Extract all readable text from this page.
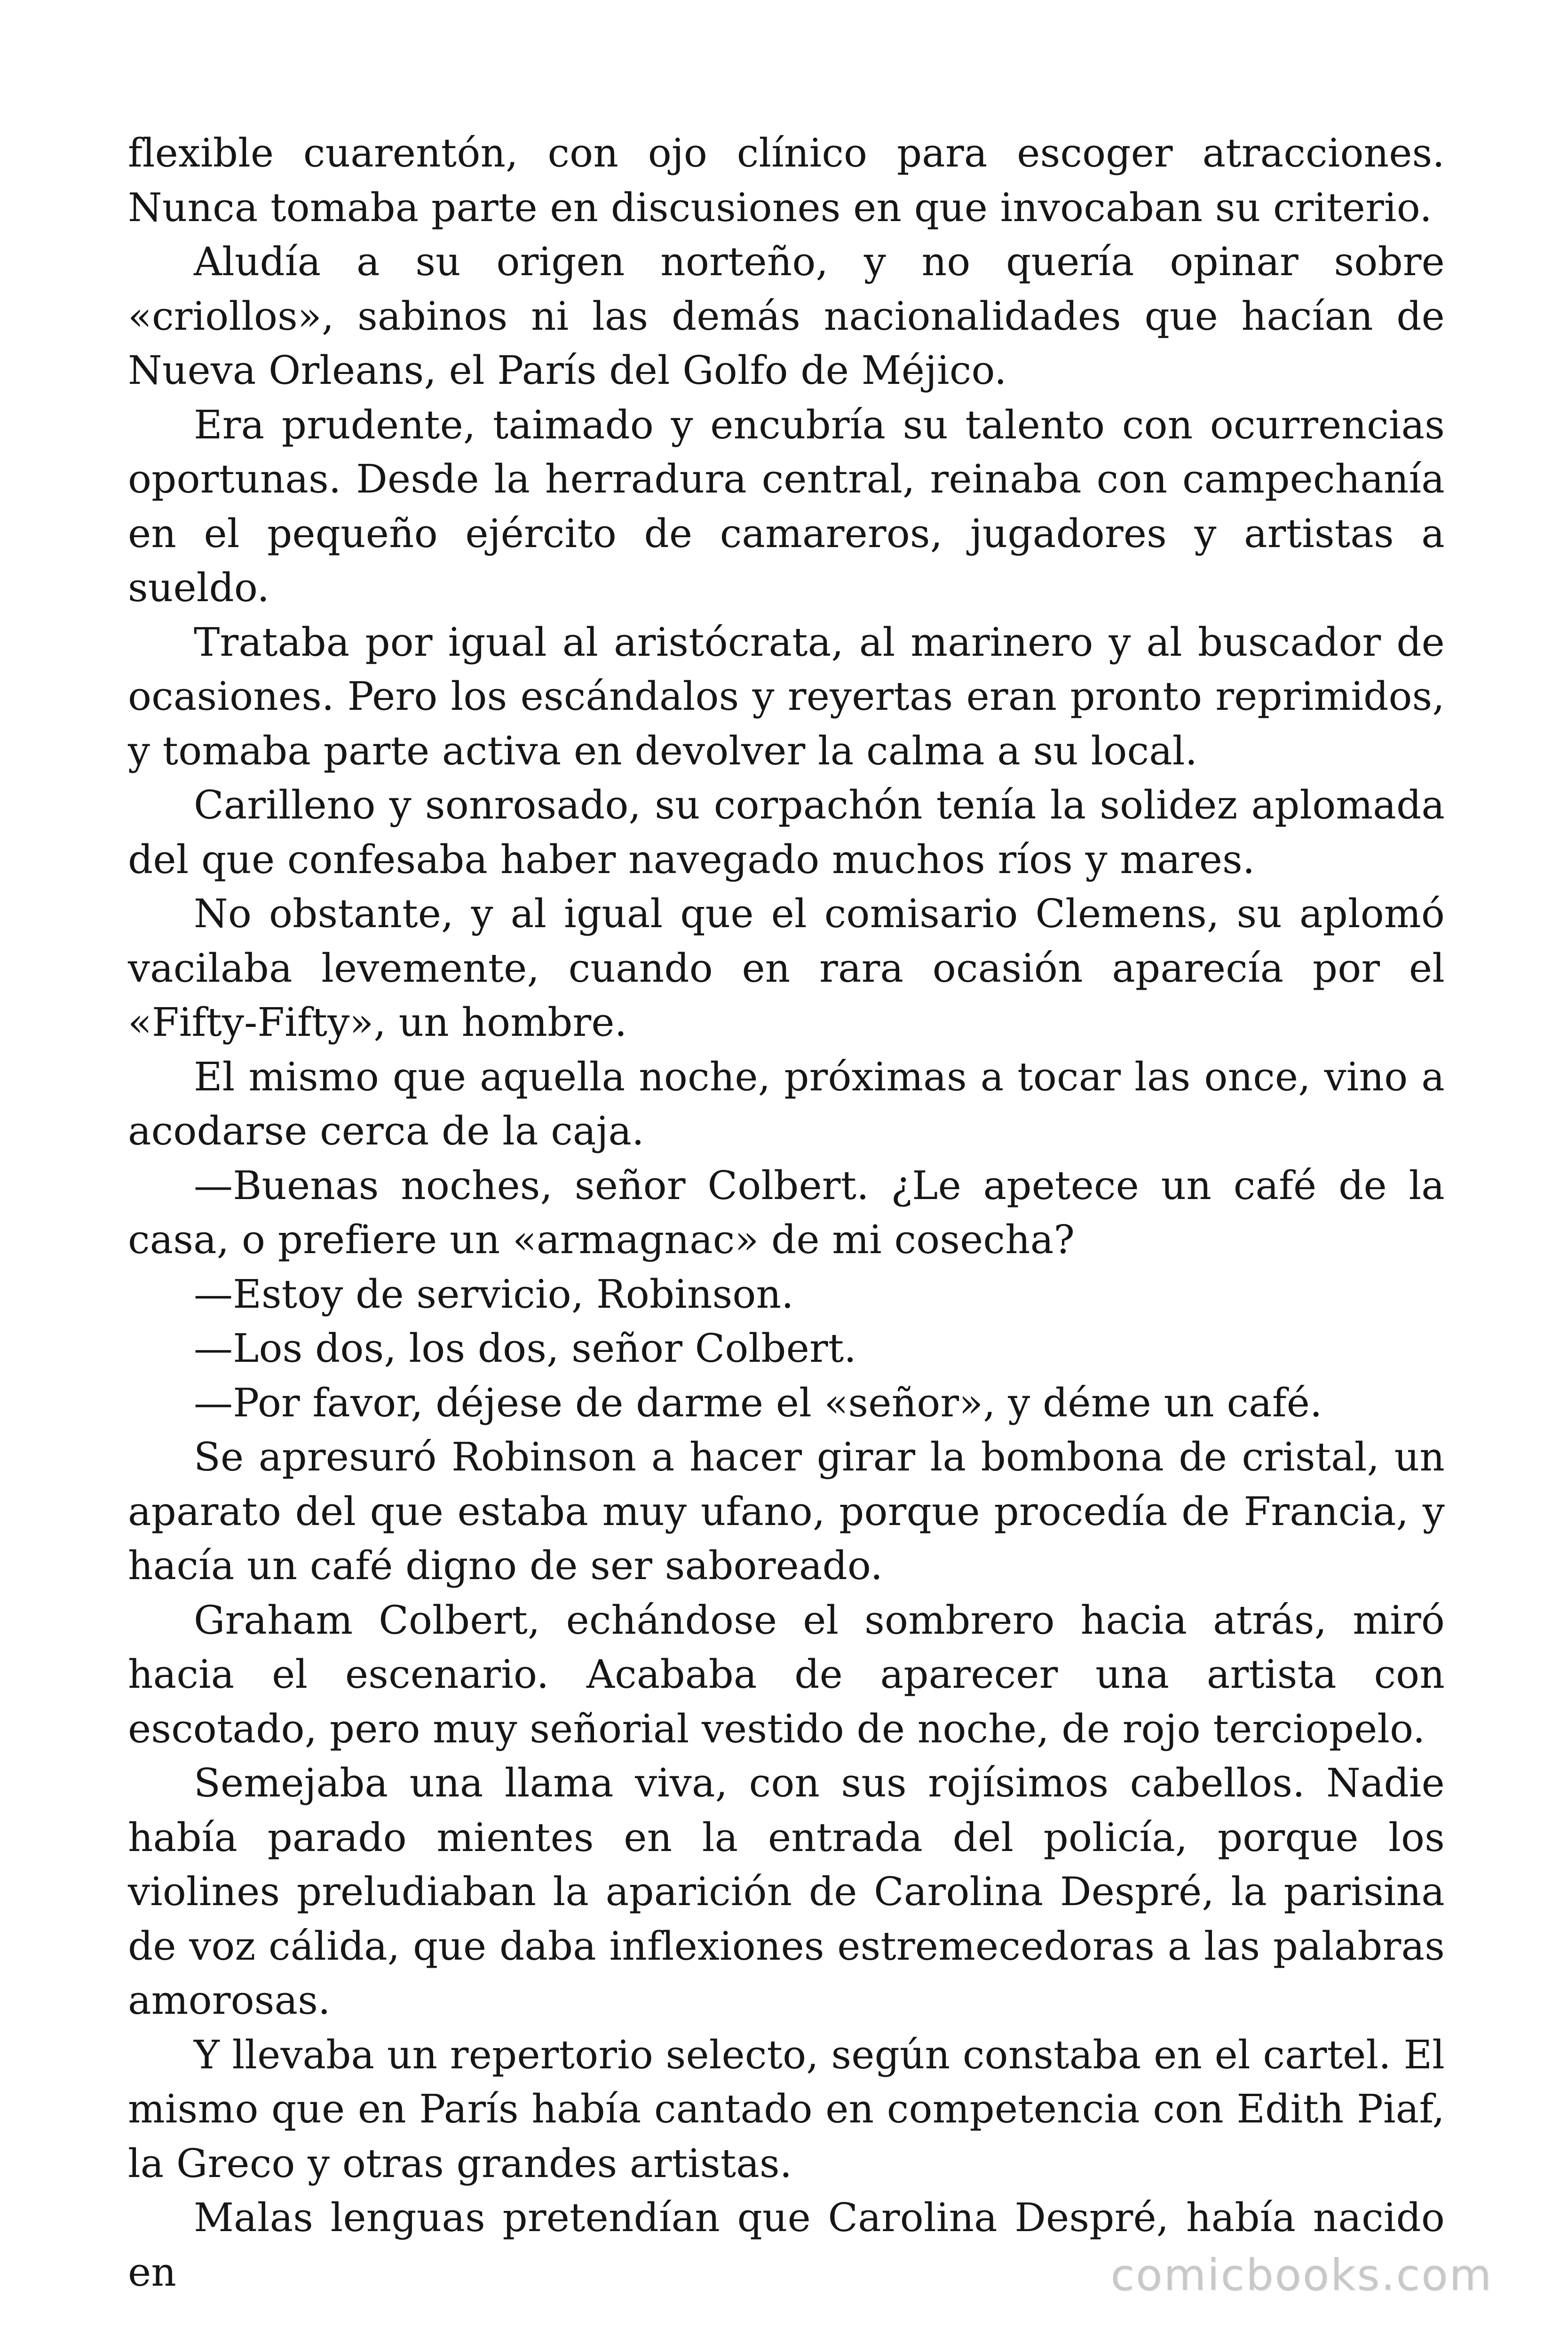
flexible cuarentón, con ojo clínico para escoger atracciones. Nunca tomaba parte en discusiones en que invocaban su criterio.

Aludía a su origen norteño, y no quería opinar sobre «criollos», sabinos ni las demás nacionalidades que hacían de Nueva Orleans, el París del Golfo de Méjico.

Era prudente, taimado y encubría su talento con ocurrencias oportunas. Desde la herradura central, reinaba con campechanía en el pequeño ejército de camareros, jugadores y artistas a sueldo.

Trataba por igual al aristócrata, al marinero y al buscador de ocasiones. Pero los escándalos y reyertas eran pronto reprimidos, y tomaba parte activa en devolver la calma a su local.

Carilleno y sonrosado, su corpachón tenía la solidez aplomada del que confesaba haber navegado muchos ríos y mares.

No obstante, y al igual que el comisario Clemens, su aplomó vacilaba levemente, cuando en rara ocasión aparecía por el «Fifty-Fifty», un hombre.

El mismo que aquella noche, próximas a tocar las once, vino a acodarse cerca de la caja.

—Buenas noches, señor Colbert. ¿Le apetece un café de la casa, o prefiere un «armagnac» de mi cosecha?

—Estoy de servicio, Robinson.

—Los dos, los dos, señor Colbert.

—Por favor, déjese de darme el «señor», y déme un café.

Se apresuró Robinson a hacer girar la bombona de cristal, un aparato del que estaba muy ufano, porque procedía de Francia, y hacía un café digno de ser saboreado.

Graham Colbert, echándose el sombrero hacia atrás, miró hacia el escenario. Acababa de aparecer una artista con escotado, pero muy señorial vestido de noche, de rojo terciopelo.

Semejaba una llama viva, con sus rojísimos cabellos. Nadie había parado mientes en la entrada del policía, porque los violines preludiaban la aparición de Carolina Despré, la parisina de voz cálida, que daba inflexiones estremecedoras a las palabras amorosas.

Y llevaba un repertorio selecto, según constaba en el cartel. El mismo que en París había cantado en competencia con Edith Piaf, la Greco y otras grandes artistas.

Malas lenguas pretendían que Carolina Despré, había nacido en	comicbooks.com
